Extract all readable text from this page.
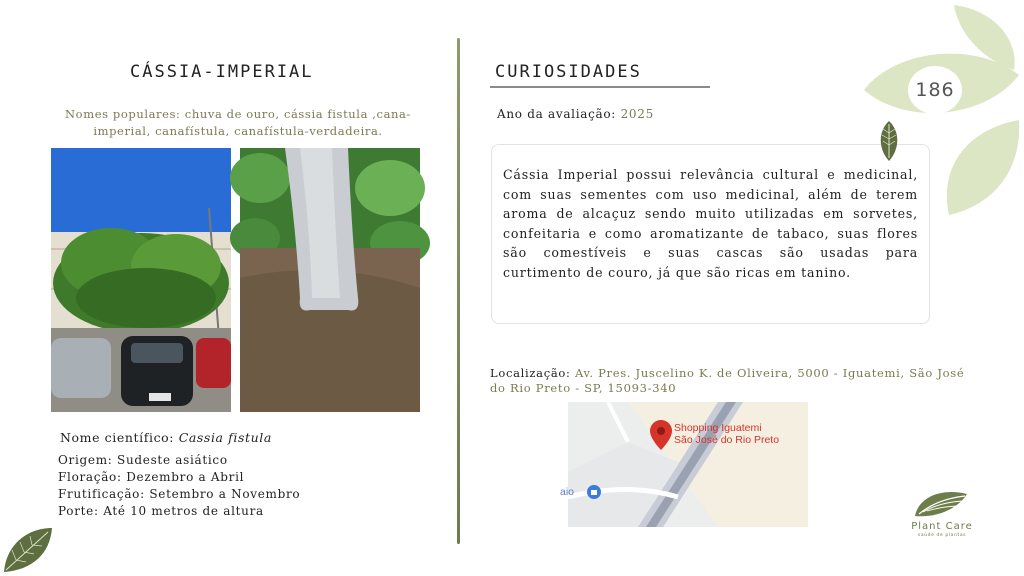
CÁSSIA-IMPERIAL
Nomes populares: chuva de ouro, cássia fistula ,cana-imperial, canafístula, canafístula-verdadeira.
Nome científico: Cassia fistula
Origem: Sudeste asiático
Floração: Dezembro a Abril
Frutificação: Setembro a Novembro
Porte: Até 10 metros de altura
CURIOSIDADES
Ano da avaliação: 2025

Cássia Imperial possui relevância cultural e medicinal, com suas sementes com uso medicinal, além de terem aroma de alcaçuz sendo muito utilizadas em sorvetes, confeitaria e como aromatizante de tabaco, suas flores são comestíveis e suas cascas são usadas para curtimento de couro, já que são ricas em tanino.

Localização: Av. Pres. Juscelino K. de Oliveira, 5000 - Iguatemi, São José do Rio Preto - SP, 15093-340
Shopping Iguatemi
São José do Rio Preto
aio
186
Plant Care
saúde de plantas
